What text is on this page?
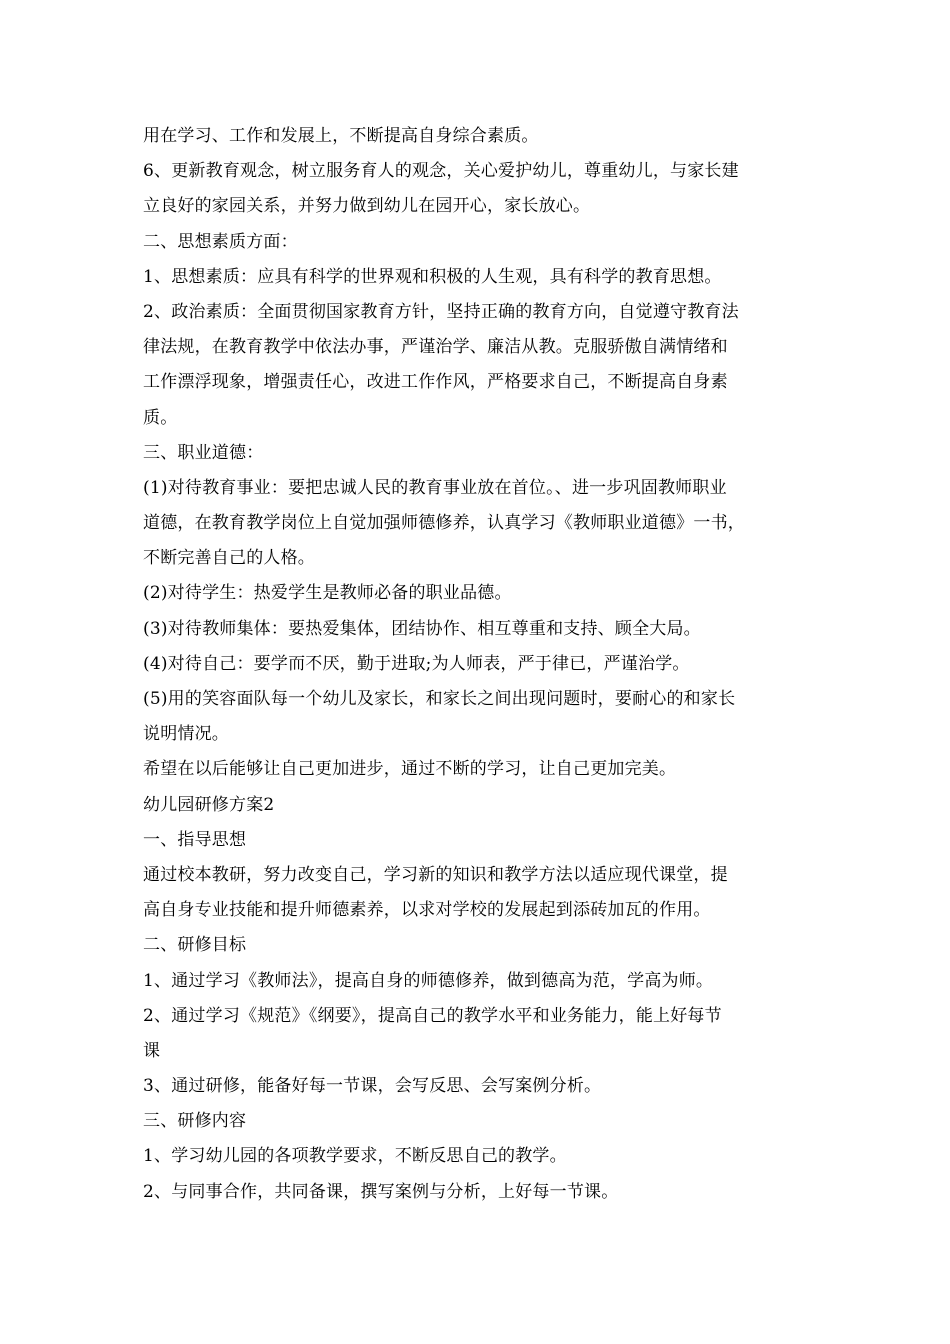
用在学习、工作和发展上，不断提高自身综合素质。
6、更新教育观念，树立服务育人的观念，关心爱护幼儿，尊重幼儿，与家长建
立良好的家园关系，并努力做到幼儿在园开心，家长放心。
二、思想素质方面：
1、思想素质：应具有科学的世界观和积极的人生观，具有科学的教育思想。
2、政治素质：全面贯彻国家教育方针，坚持正确的教育方向，自觉遵守教育法
律法规，在教育教学中依法办事，严谨治学、廉洁从教。克服骄傲自满情绪和
工作漂浮现象，增强责任心，改进工作作风，严格要求自己，不断提高自身素
质。
三、职业道德：
(1)对待教育事业：要把忠诚人民的教育事业放在首位。、进一步巩固教师职业
道德，在教育教学岗位上自觉加强师德修养，认真学习《教师职业道德》一书，
不断完善自己的人格。
(2)对待学生：热爱学生是教师必备的职业品德。
(3)对待教师集体：要热爱集体，团结协作、相互尊重和支持、顾全大局。
(4)对待自己：要学而不厌，勤于进取;为人师表，严于律已，严谨治学。
(5)用的笑容面队每一个幼儿及家长，和家长之间出现问题时，要耐心的和家长
说明情况。
希望在以后能够让自己更加进步，通过不断的学习，让自己更加完美。
幼儿园研修方案2
一、指导思想
通过校本教研，努力改变自己，学习新的知识和教学方法以适应现代课堂，提
高自身专业技能和提升师德素养，以求对学校的发展起到添砖加瓦的作用。
二、研修目标
1、通过学习《教师法》，提高自身的师德修养，做到德高为范，学高为师。
2、通过学习《规范》《纲要》，提高自己的教学水平和业务能力，能上好每节
课
3、通过研修，能备好每一节课，会写反思、会写案例分析。
三、研修内容
1、学习幼儿园的各项教学要求，不断反思自己的教学。
2、与同事合作，共同备课，撰写案例与分析，上好每一节课。
